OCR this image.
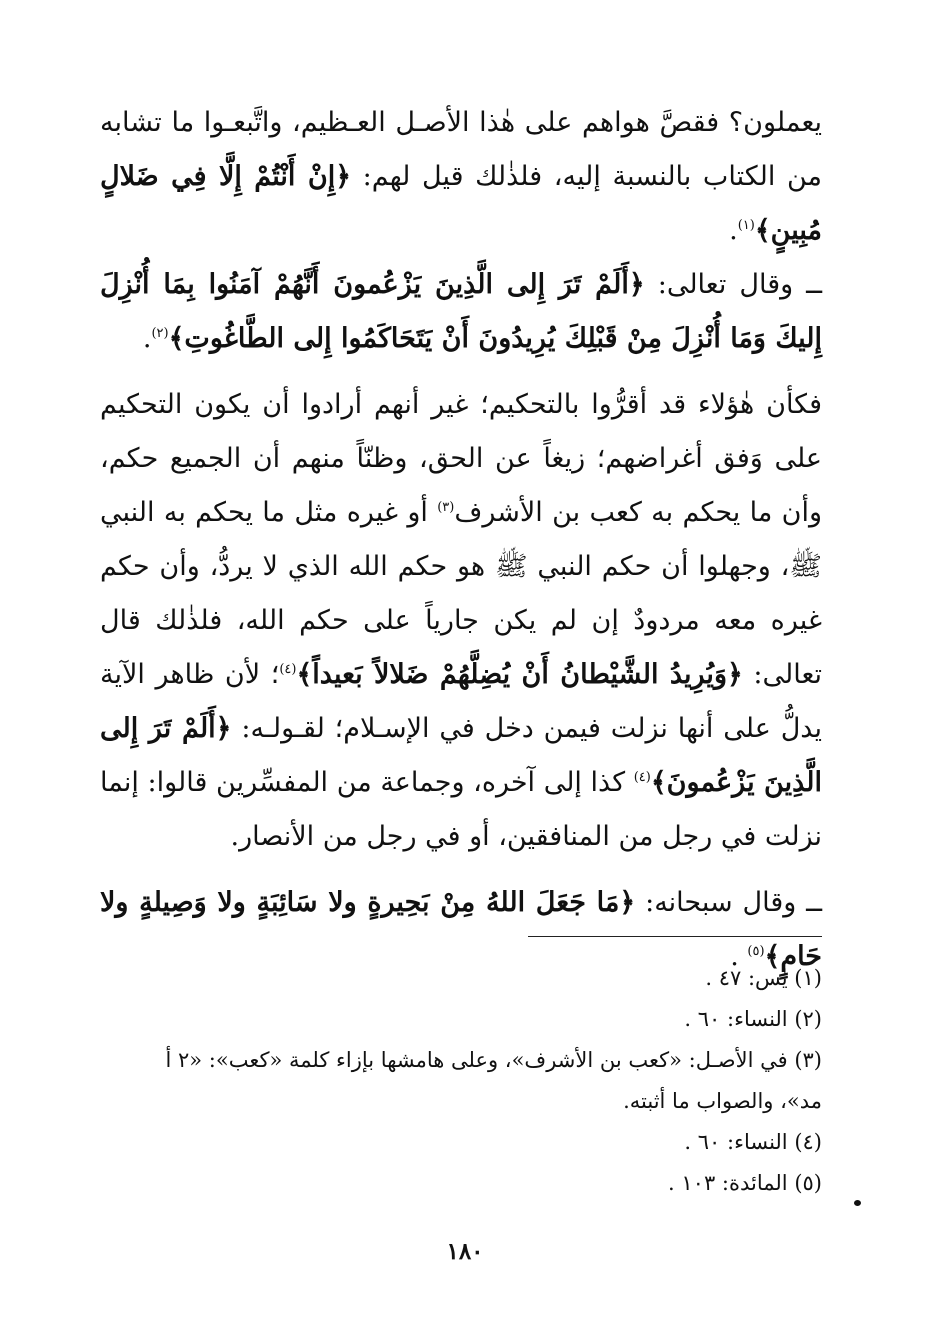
يعملون؟ فقصَّ هواهم على هٰذا الأصـل العـظيم، واتَّبعـوا ما تشابه من الكتاب بالنسبة إليه، فلذٰلك قيل لهم: ﴿إِنْ أَنْتُمْ إِلَّا فِي ضَلالٍ مُبِينٍ﴾$^{(١)}$.

ــ وقال تعالى: ﴿أَلَمْ تَرَ إِلى الَّذِينَ يَزْعُمونَ أَنَّهُمْ آمَنُوا بِمَا أُنْزِلَ إِليكَ وَمَا أُنْزِلَ مِنْ قَبْلِكَ يُرِيدُونَ أَنْ يَتَحَاكَمُوا إِلى الطَّاغُوتِ﴾$^{(٢)}$.

فكأن هٰؤلاء قد أقرُّوا بالتحكيم؛ غير أنهم أرادوا أن يكون التحكيم على وَفق أغراضهم؛ زيغاً عن الحق، وظنّاً منهم أن الجميع حكم، وأن ما يحكم به كعب بن الأشرف$^{(٣)}$ أو غيره مثل ما يحكم به النبي ﷺ، وجهلوا أن حكم النبي ﷺ هو حكم الله الذي لا يردُّ، وأن حكم غيره معه مردودٌ إن لم يكن جارياً على حكم الله، فلذٰلك قال تعالى: ﴿وَيُرِيدُ الشَّيْطانُ أَنْ يُضِلَّهُمْ ضَلالاً بَعيداً﴾$^{(٤)}$؛ لأن ظاهر الآية يدلُّ على أنها نزلت فيمن دخل في الإسـلام؛ لقـولـه: ﴿أَلَمْ تَرَ إِلى الَّذِينَ يَزْعُمونَ﴾$^{(٤)}$ كذا إلى آخره، وجماعة من المفسِّرين قالوا: إنما نزلت في رجل من المنافقين، أو في رجل من الأنصار.

ــ وقال سبحانه: ﴿مَا جَعَلَ اللهُ مِنْ بَحِيرةٍ ولا سَائِبَةٍ ولا وَصِيلةٍ ولا حَامٍ﴾$^{(٥)}$ .

(١) يٰس: ٤٧ .

(٢) النساء: ٦٠ .

(٣) في الأصـل: «كعب بن الأشرف»، وعلى هامشها بإزاء كلمة «كعب»: «٢ أ

مد»، والصواب ما أثبته.

(٤) النساء: ٦٠ .

(٥) المائدة: ١٠٣ .

١٨٠
